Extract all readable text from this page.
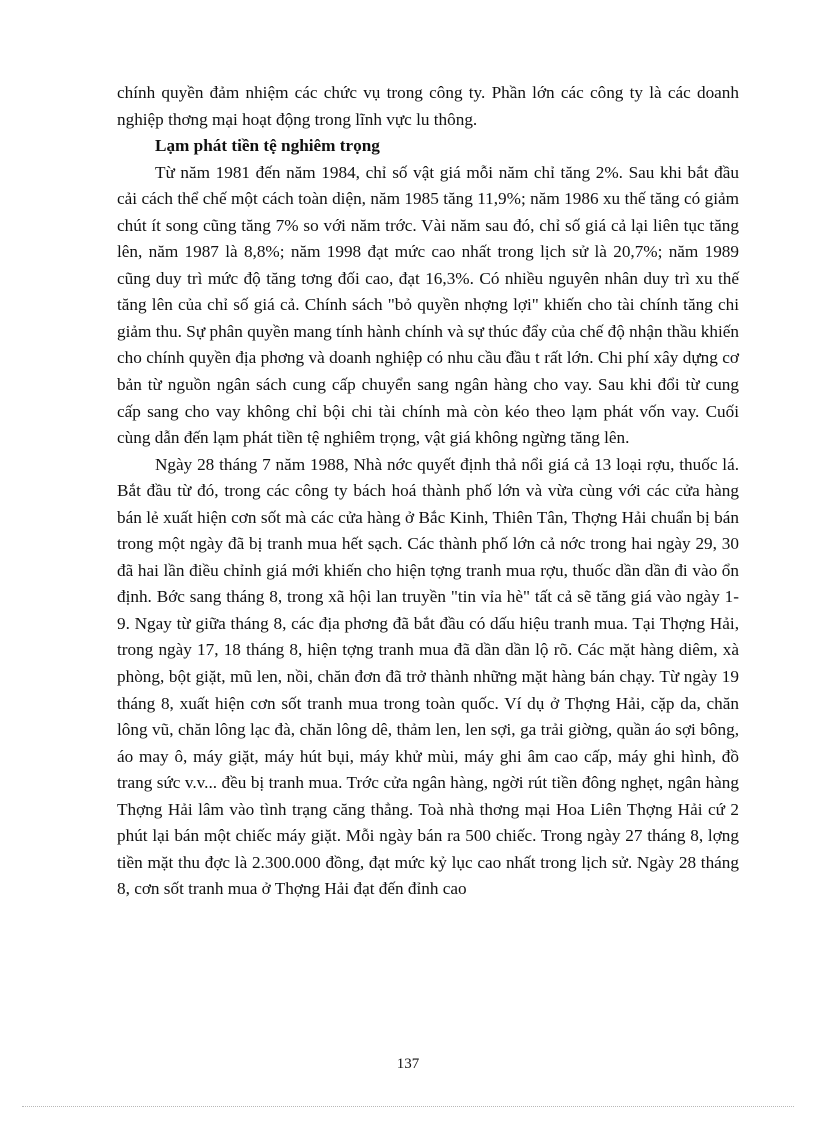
chính quyền đảm nhiệm các chức vụ trong công ty. Phần lớn các công ty là các doanh nghiệp thơng mại hoạt động trong lĩnh vực lu thông.

Lạm phát tiền tệ nghiêm trọng

Từ năm 1981 đến năm 1984, chỉ số vật giá mỗi năm chỉ tăng 2%. Sau khi bắt đầu cải cách thể chế một cách toàn diện, năm 1985 tăng 11,9%; năm 1986 xu thế tăng có giảm chút ít song cũng tăng 7% so với năm trớc. Vài năm sau đó, chỉ số giá cả lại liên tục tăng lên, năm 1987 là 8,8%; năm 1998 đạt mức cao nhất trong lịch sử là 20,7%; năm 1989 cũng duy trì mức độ tăng tơng đối cao, đạt 16,3%. Có nhiều nguyên nhân duy trì xu thế tăng lên của chỉ số giá cả. Chính sách "bỏ quyền nhợng lợi" khiến cho tài chính tăng chi giảm thu. Sự phân quyền mang tính hành chính và sự thúc đẩy của chế độ nhận thầu khiến cho chính quyền địa phơng và doanh nghiệp có nhu cầu đầu t rất lớn. Chi phí xây dựng cơ bản từ nguồn ngân sách cung cấp chuyển sang ngân hàng cho vay. Sau khi đổi từ cung cấp sang cho vay không chỉ bội chi tài chính mà còn kéo theo lạm phát vốn vay. Cuối cùng dẫn đến lạm phát tiền tệ nghiêm trọng, vật giá không ngừng tăng lên.

Ngày 28 tháng 7 năm 1988, Nhà nớc quyết định thả nổi giá cả 13 loại rợu, thuốc lá. Bắt đầu từ đó, trong các công ty bách hoá thành phố lớn và vừa cùng với các cửa hàng bán lẻ xuất hiện cơn sốt mà các cửa hàng ở Bắc Kinh, Thiên Tân, Thợng Hải chuẩn bị bán trong một ngày đã bị tranh mua hết sạch. Các thành phố lớn cả nớc trong hai ngày 29, 30 đã hai lần điều chỉnh giá mới khiến cho hiện tợng tranh mua rợu, thuốc dần dần đi vào ổn định. Bớc sang tháng 8, trong xã hội lan truyền "tin vỉa hè" tất cả sẽ tăng giá vào ngày 1-9. Ngay từ giữa tháng 8, các địa phơng đã bắt đầu có dấu hiệu tranh mua. Tại Thợng Hải, trong ngày 17, 18 tháng 8, hiện tợng tranh mua đã dần dần lộ rõ. Các mặt hàng diêm, xà phòng, bột giặt, mũ len, nồi, chăn đơn đã trở thành những mặt hàng bán chạy. Từ ngày 19 tháng 8, xuất hiện cơn sốt tranh mua trong toàn quốc. Ví dụ ở Thợng Hải, cặp da, chăn lông vũ, chăn lông lạc đà, chăn lông dê, thảm len, len sợi, ga trải giờng, quần áo sợi bông, áo may ô, máy giặt, máy hút bụi, máy khử mùi, máy ghi âm cao cấp, máy ghi hình, đồ trang sức v.v... đều bị tranh mua. Trớc cửa ngân hàng, ngời rút tiền đông nghẹt, ngân hàng Thợng Hải lâm vào tình trạng căng thẳng. Toà nhà thơng mại Hoa Liên Thợng Hải cứ 2 phút lại bán một chiếc máy giặt. Mỗi ngày bán ra 500 chiếc. Trong ngày 27 tháng 8, lợng tiền mặt thu đợc là 2.300.000 đồng, đạt mức kỷ lục cao nhất trong lịch sử. Ngày 28 tháng 8, cơn sốt tranh mua ở Thợng Hải đạt đến đỉnh cao

137
